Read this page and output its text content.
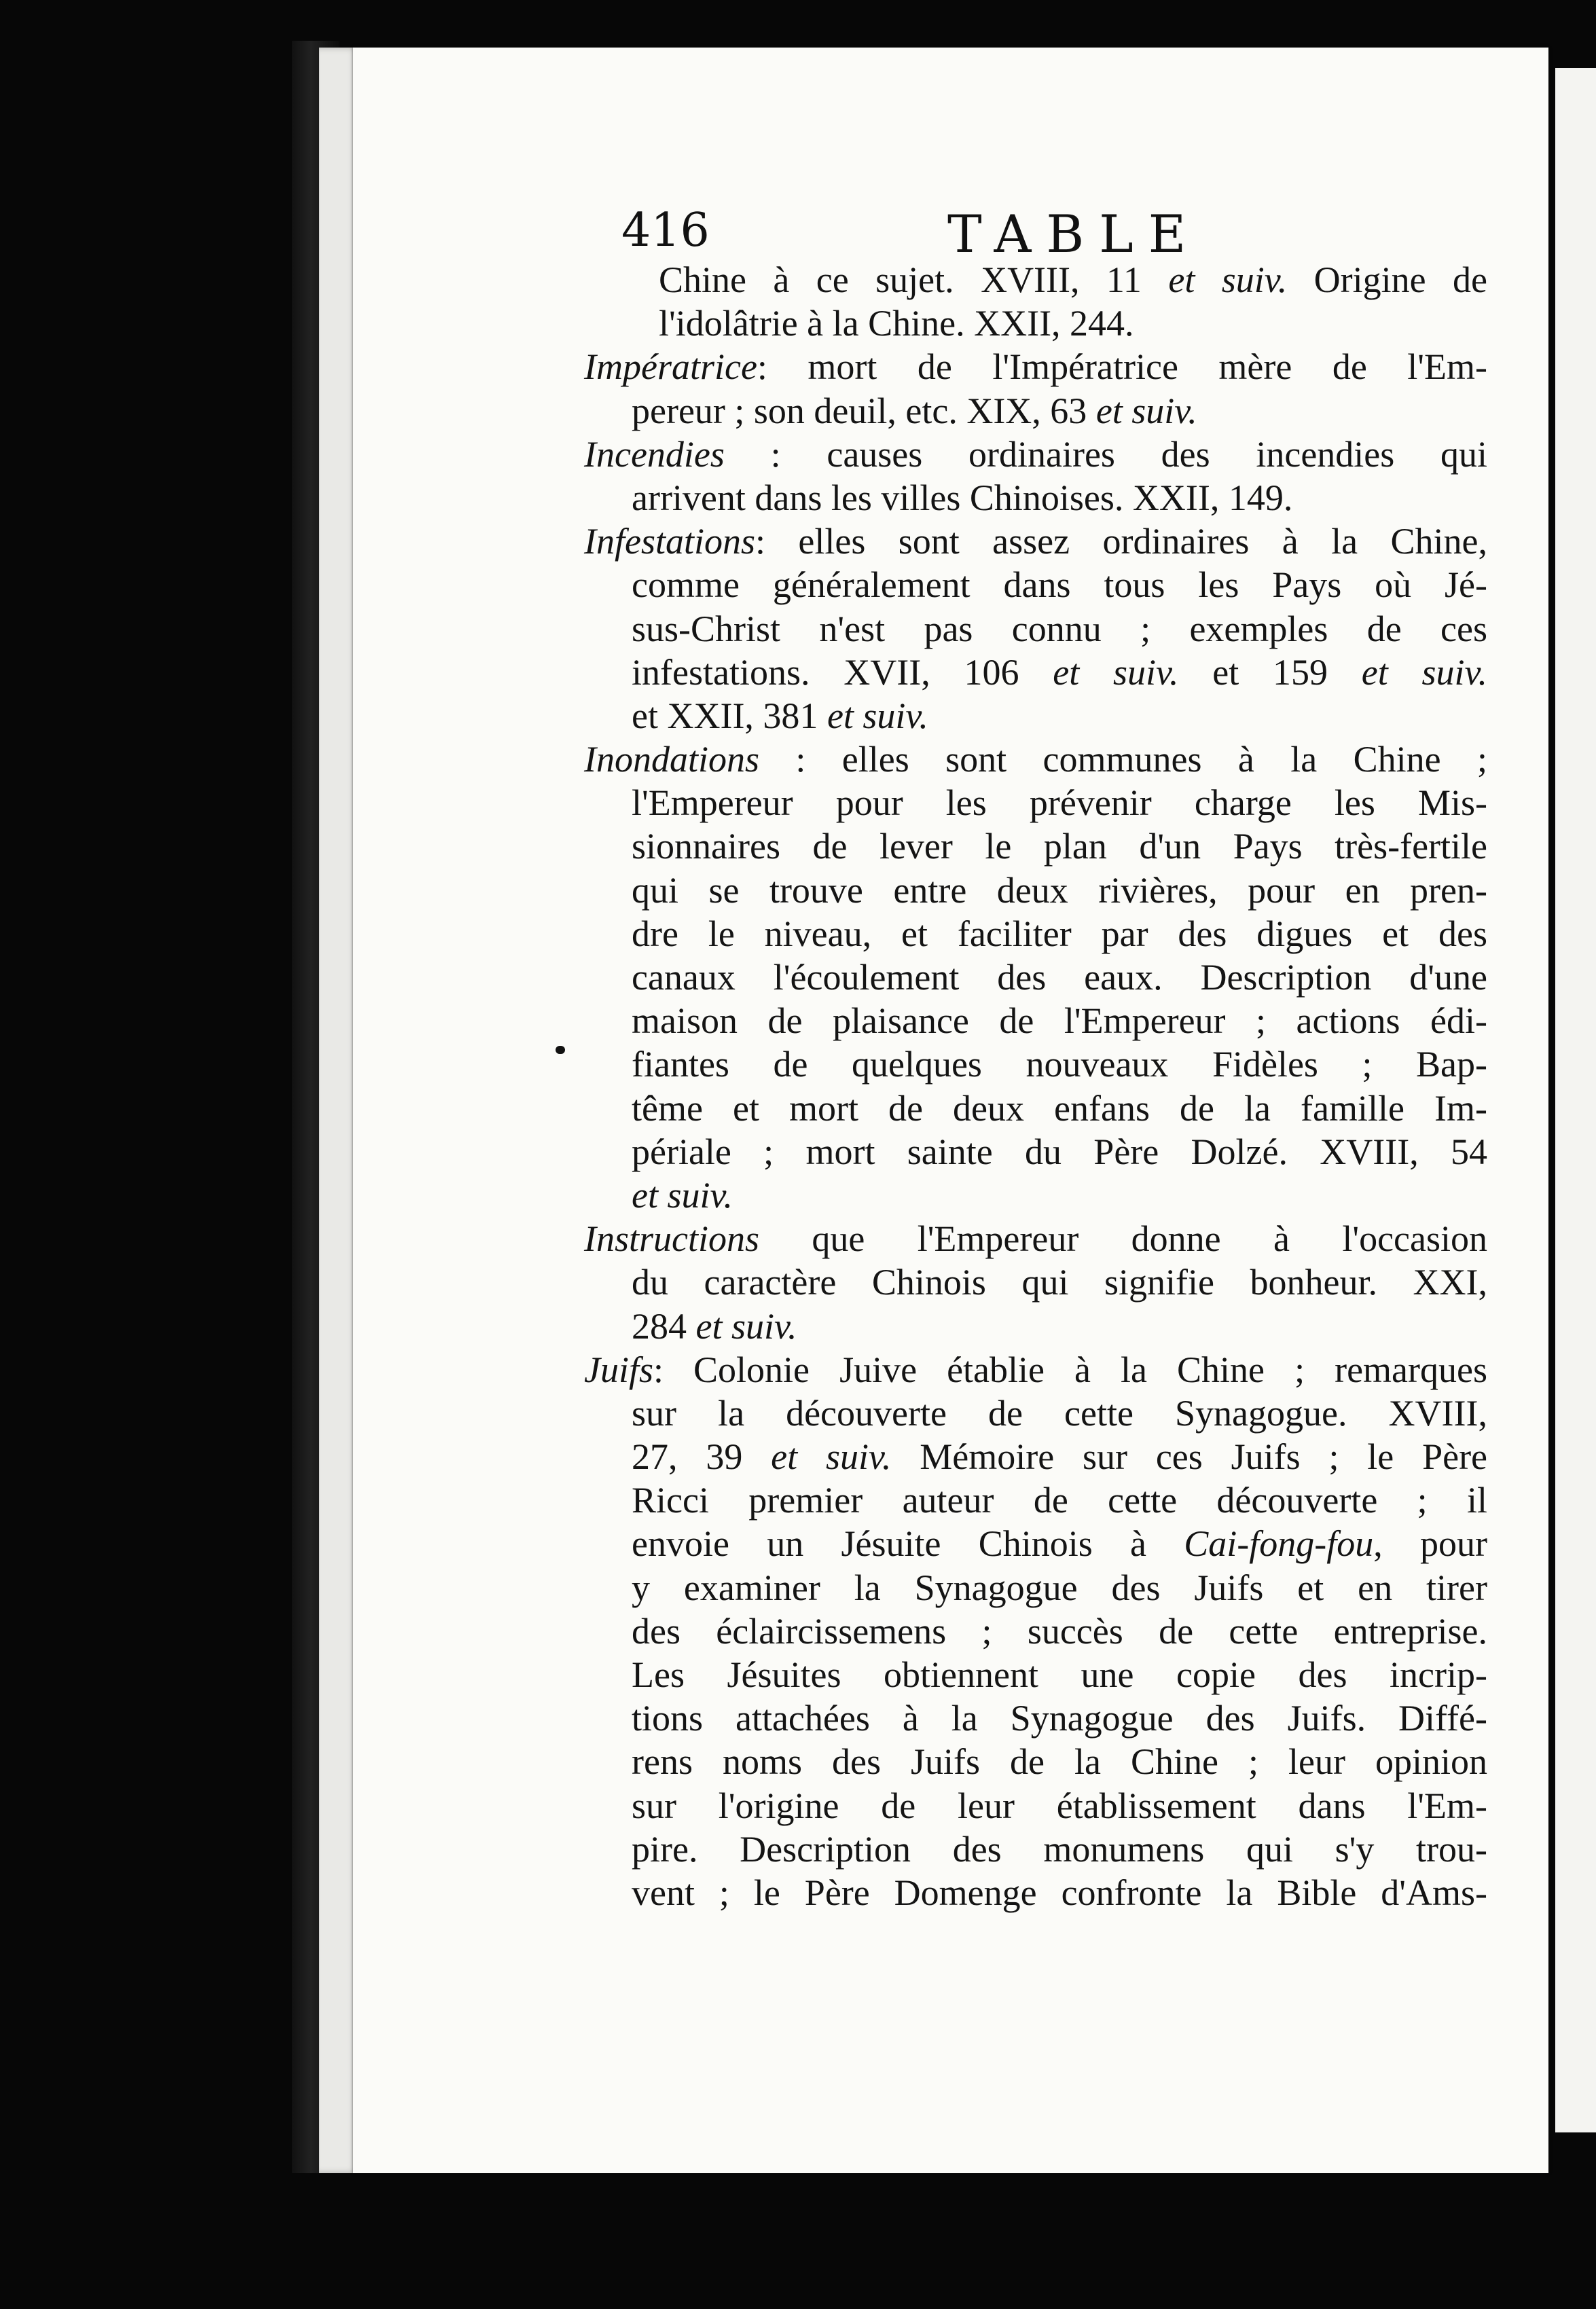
416	TABLE
Chine à ce sujet. XVIII, 11 et suiv. Origine de
l'idolâtrie à la Chine. XXII, 244.
Impératrice: mort de l'Impératrice mère de l'Em-
pereur ; son deuil, etc. XIX, 63 et suiv.
Incendies : causes ordinaires des incendies qui
arrivent dans les villes Chinoises. XXII, 149.
Infestations: elles sont assez ordinaires à la Chine,
comme généralement dans tous les Pays où Jé-
sus-Christ n'est pas connu ; exemples de ces
infestations. XVII, 106 et suiv. et 159 et suiv.
et XXII, 381 et suiv.
Inondations : elles sont communes à la Chine ;
l'Empereur pour les prévenir charge les Mis-
sionnaires de lever le plan d'un Pays très-fertile
qui se trouve entre deux rivières, pour en pren-
dre le niveau, et faciliter par des digues et des
canaux l'écoulement des eaux. Description d'une
maison de plaisance de l'Empereur ; actions édi-
fiantes de quelques nouveaux Fidèles ; Bap-
tême et mort de deux enfans de la famille Im-
périale ; mort sainte du Père Dolzé. XVIII, 54
et suiv.
Instructions que l'Empereur donne à l'occasion
du caractère Chinois qui signifie bonheur. XXI,
284 et suiv.
Juifs: Colonie Juive établie à la Chine ; remarques
sur la découverte de cette Synagogue. XVIII,
27, 39 et suiv. Mémoire sur ces Juifs ; le Père
Ricci premier auteur de cette découverte ; il
envoie un Jésuite Chinois à Cai-fong-fou, pour
y examiner la Synagogue des Juifs et en tirer
des éclaircissemens ; succès de cette entreprise.
Les Jésuites obtiennent une copie des incrip-
tions attachées à la Synagogue des Juifs. Diffé-
rens noms des Juifs de la Chine ; leur opinion
sur l'origine de leur établissement dans l'Em-
pire. Description des monumens qui s'y trou-
vent ; le Père Domenge confronte la Bible d'Ams-
